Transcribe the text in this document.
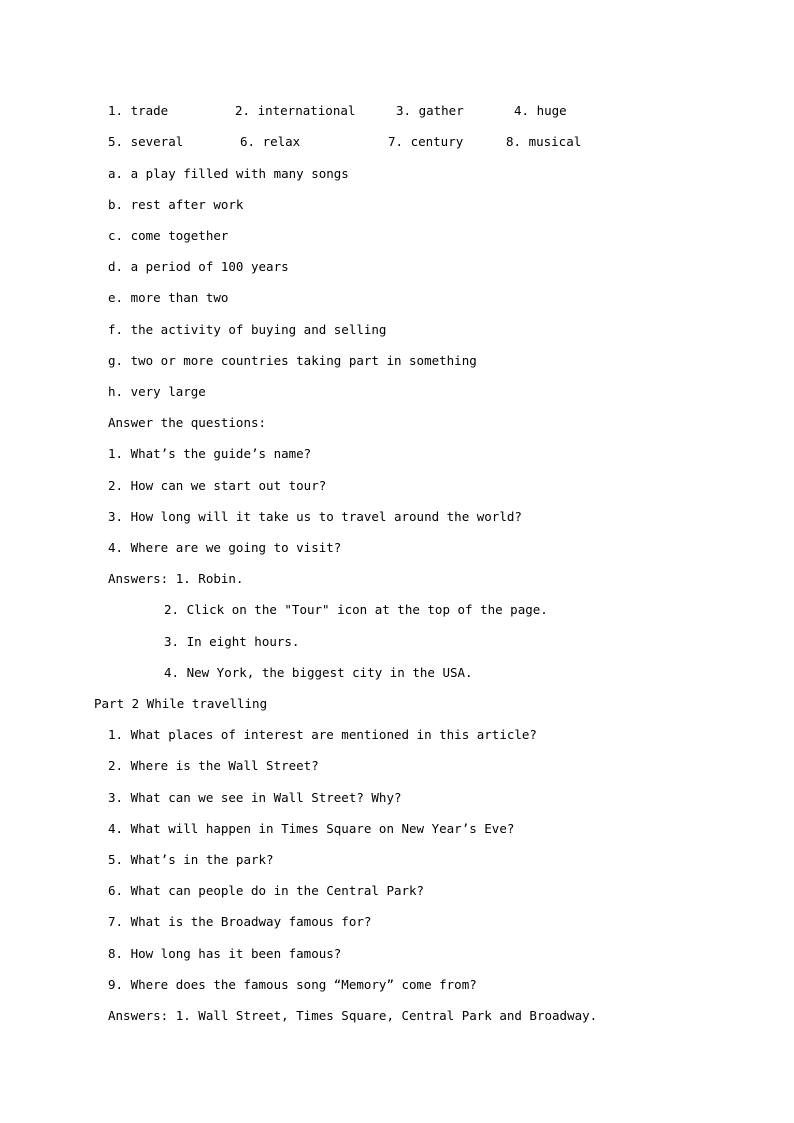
1. trade	2. international	3. gather	4. huge
5. several	6. relax	7. century	8. musical
a. a play filled with many songs
b. rest after work
c. come together
d. a period of 100 years
e. more than two
f. the activity of buying and selling
g. two or more countries taking part in something
h. very large
Answer the questions:
1. What’s the guide’s name?
2. How can we start out tour?
3. How long will it take us to travel around the world?
4. Where are we going to visit?
Answers: 1. Robin.
2. Click on the "Tour" icon at the top of the page.
3. In eight hours.
4. New York, the biggest city in the USA.
Part 2 While travelling
1. What places of interest are mentioned in this article?
2. Where is the Wall Street?
3. What can we see in Wall Street? Why?
4. What will happen in Times Square on New Year’s Eve?
5. What’s in the park?
6. What can people do in the Central Park?
7. What is the Broadway famous for?
8. How long has it been famous?
9. Where does the famous song “Memory” come from?
Answers: 1. Wall Street, Times Square, Central Park and Broadway.
